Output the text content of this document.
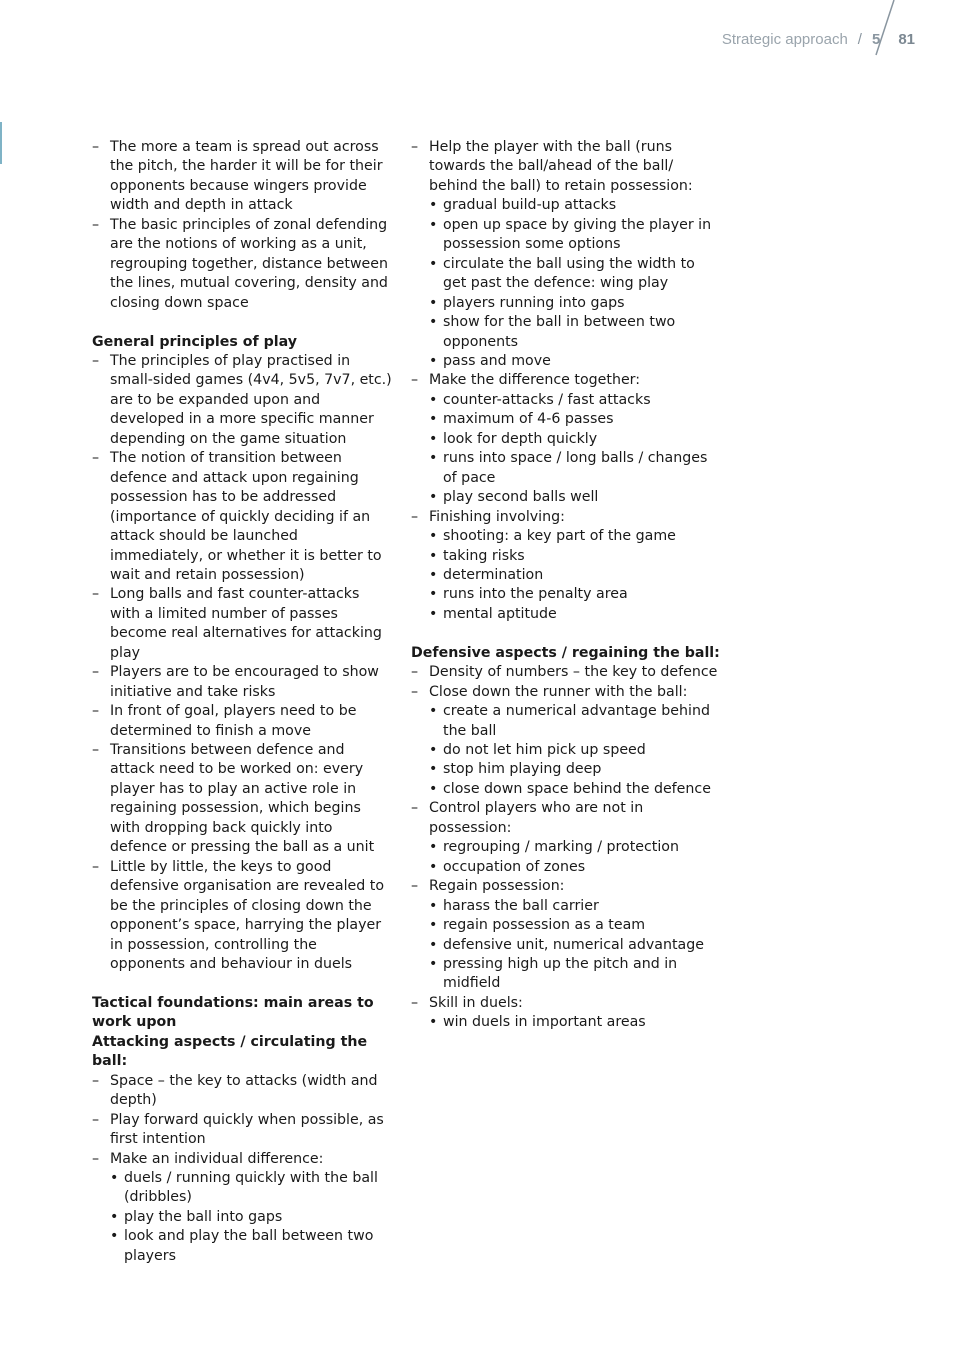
Strategic approach / 5 81
– The more a team is spread out across the pitch, the harder it will be for their opponents because wingers provide width and depth in attack
– The basic principles of zonal defending are the notions of working as a unit, regrouping together, distance between the lines, mutual covering, density and closing down space
General principles of play
– The principles of play practised in small-sided games (4v4, 5v5, 7v7, etc.) are to be expanded upon and developed in a more specific manner depending on the game situation
– The notion of transition between defence and attack upon regaining possession has to be addressed (importance of quickly deciding if an attack should be launched immediately, or whether it is better to wait and retain possession)
– Long balls and fast counter-attacks with a limited number of passes become real alternatives for attacking play
– Players are to be encouraged to show initiative and take risks
– In front of goal, players need to be determined to finish a move
– Transitions between defence and attack need to be worked on: every player has to play an active role in regaining possession, which begins with dropping back quickly into defence or pressing the ball as a unit
– Little by little, the keys to good defensive organisation are revealed to be the principles of closing down the opponent’s space, harrying the player in possession, controlling the opponents and behaviour in duels
Tactical foundations: main areas to work upon
Attacking aspects / circulating the ball:
– Space – the key to attacks (width and depth)
– Play forward quickly when possible, as first intention
– Make an individual difference:
• duels / running quickly with the ball (dribbles)
• play the ball into gaps
• look and play the ball between two players
– Help the player with the ball (runs towards the ball/ahead of the ball/ behind the ball) to retain possession:
• gradual build-up attacks
• open up space by giving the player in possession some options
• circulate the ball using the width to get past the defence: wing play
• players running into gaps
• show for the ball in between two opponents
• pass and move
– Make the difference together:
• counter-attacks / fast attacks
• maximum of 4-6 passes
• look for depth quickly
• runs into space / long balls / changes of pace
• play second balls well
– Finishing involving:
• shooting: a key part of the game
• taking risks
• determination
• runs into the penalty area
• mental aptitude
Defensive aspects / regaining the ball:
– Density of numbers – the key to defence
– Close down the runner with the ball:
• create a numerical advantage behind the ball
• do not let him pick up speed
• stop him playing deep
• close down space behind the defence
– Control players who are not in possession:
• regrouping / marking / protection
• occupation of zones
– Regain possession:
• harass the ball carrier
• regain possession as a team
• defensive unit, numerical advantage
• pressing high up the pitch and in midfield
– Skill in duels:
• win duels in important areas
